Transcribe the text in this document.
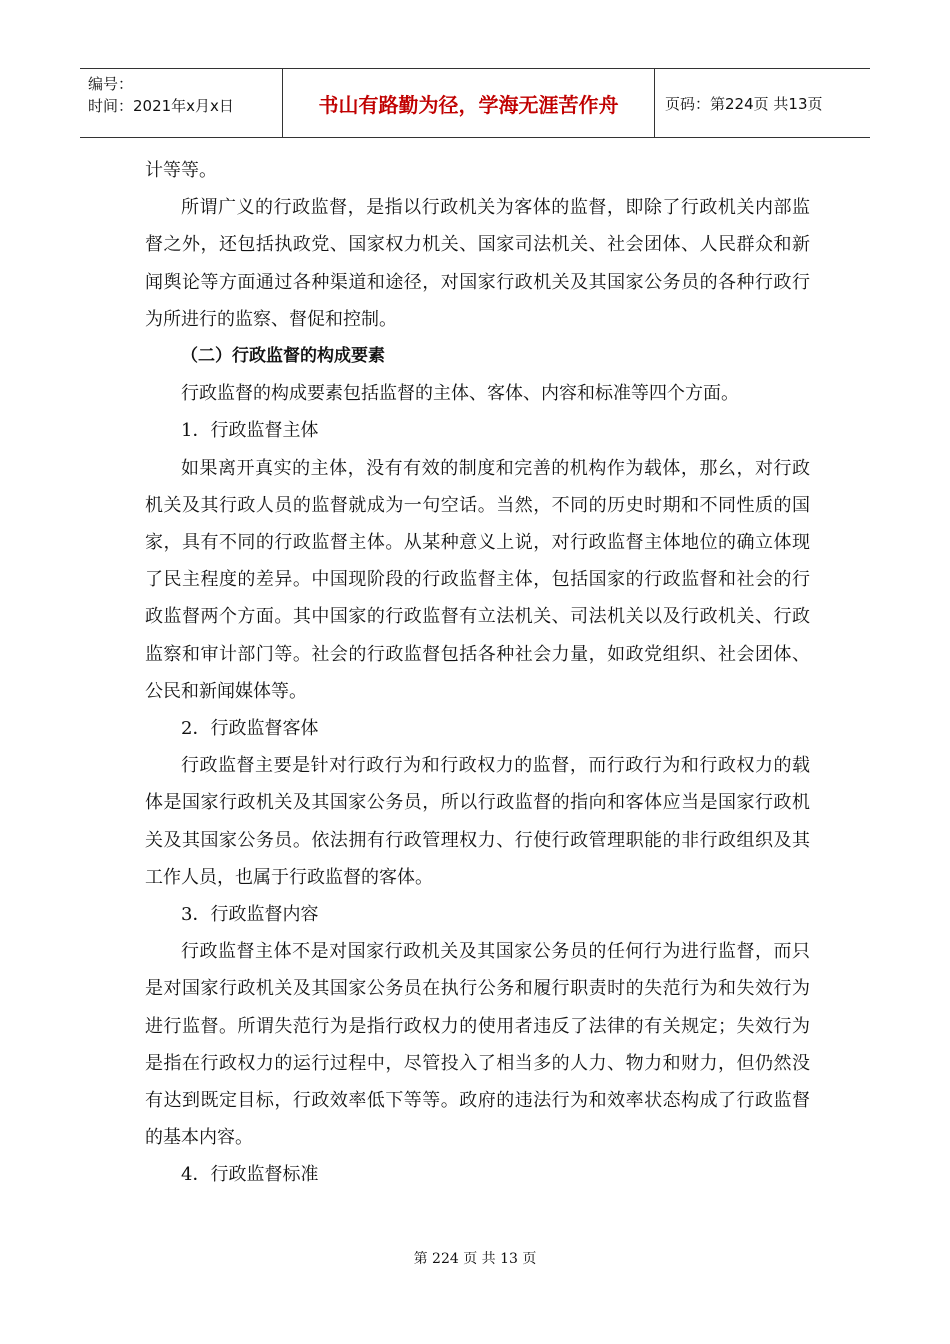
编号：
时间：2021年x月x日	书山有路勤为径，学海无涯苦作舟	页码：第224页 共13页

计等等。

所谓广义的行政监督，是指以行政机关为客体的监督，即除了行政机关内部监督之外，还包括执政党、国家权力机关、国家司法机关、社会团体、人民群众和新闻舆论等方面通过各种渠道和途径，对国家行政机关及其国家公务员的各种行政行为所进行的监察、督促和控制。

（二）行政监督的构成要素

行政监督的构成要素包括监督的主体、客体、内容和标准等四个方面。

1．行政监督主体

如果离开真实的主体，没有有效的制度和完善的机构作为载体，那幺，对行政机关及其行政人员的监督就成为一句空话。当然，不同的历史时期和不同性质的国家，具有不同的行政监督主体。从某种意义上说，对行政监督主体地位的确立体现了民主程度的差异。中国现阶段的行政监督主体，包括国家的行政监督和社会的行政监督两个方面。其中国家的行政监督有立法机关、司法机关以及行政机关、行政监察和审计部门等。社会的行政监督包括各种社会力量，如政党组织、社会团体、公民和新闻媒体等。

2．行政监督客体

行政监督主要是针对行政行为和行政权力的监督，而行政行为和行政权力的载体是国家行政机关及其国家公务员，所以行政监督的指向和客体应当是国家行政机关及其国家公务员。依法拥有行政管理权力、行使行政管理职能的非行政组织及其工作人员，也属于行政监督的客体。

3．行政监督内容

行政监督主体不是对国家行政机关及其国家公务员的任何行为进行监督，而只是对国家行政机关及其国家公务员在执行公务和履行职责时的失范行为和失效行为进行监督。所谓失范行为是指行政权力的使用者违反了法律的有关规定；失效行为是指在行政权力的运行过程中，尽管投入了相当多的人力、物力和财力，但仍然没有达到既定目标，行政效率低下等等。政府的违法行为和效率状态构成了行政监督的基本内容。

4．行政监督标准

第 224 页 共 13 页
